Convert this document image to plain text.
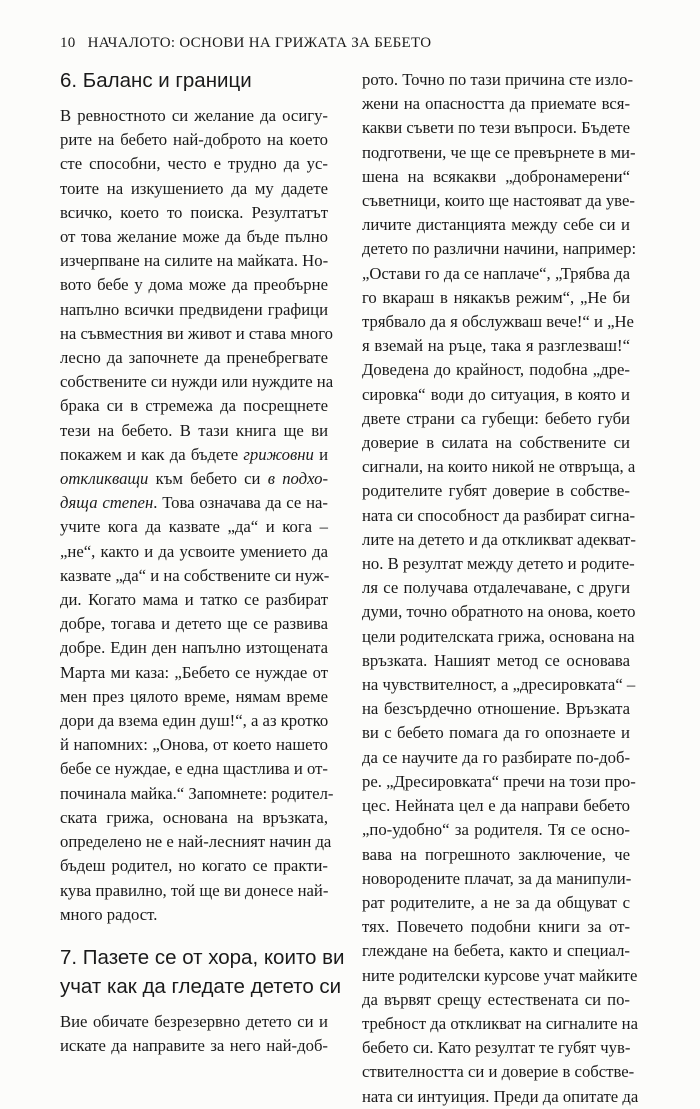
10 НАЧАЛОТО: ОСНОВИ НА ГРИЖАТА ЗА БЕБЕТО
6. Баланс и граници
В ревностното си желание да осигу-
рите на бебето най-доброто на което
сте способни, често е трудно да ус-
тоите на изкушението да му дадете
всичко, което то поиска. Резултатът
от това желание може да бъде пълно
изчерпване на силите на майката. Но-
вото бебе у дома може да преобърне
напълно всички предвидени графици
на съвместния ви живот и става много
лесно да започнете да пренебрегвате
собствените си нужди или нуждите на
брака си в стремежа да посрещнете
тези на бебето. В тази книга ще ви
покажем и как да бъдете грижовни и
откликващи към бебето си в подхо-
дяща степен. Това означава да се на-
учите кога да казвате „да“ и кога –
„не“, както и да усвоите умението да
казвате „да“ и на собствените си нуж-
ди. Когато мама и татко се разбират
добре, тогава и детето ще се развива
добре. Един ден напълно изтощената
Марта ми каза: „Бебето се нуждае от
мен през цялото време, нямам време
дори да взема един душ!“, а аз кротко
й напомних: „Онова, от което нашето
бебе се нуждае, е една щастлива и от-
починала майка.“ Запомнете: родител-
ската грижа, основана на връзката,
определено не е най-лесният начин да
бъдеш родител, но когато се практи-
кува правилно, той ще ви донесе най-
много радост.
7. Пазете се от хора, които ви
учат как да гледате детето си
Вие обичате безрезервно детето си и
искате да направите за него най-доб-
рото. Точно по тази причина сте изло-
жени на опасността да приемате вся-
какви съвети по тези въпроси. Бъдете
подготвени, че ще се превърнете в ми-
шена на всякакви „добронамерени“
съветници, които ще настояват да уве-
личите дистанцията между себе си и
детето по различни начини, например:
„Остави го да се наплаче“, „Трябва да
го вкараш в някакъв режим“, „Не би
трябвало да я обслужваш вече!“ и „Не
я вземай на ръце, така я разглезваш!“
Доведена до крайност, подобна „дре-
сировка“ води до ситуация, в която и
двете страни са губещи: бебето губи
доверие в силата на собствените си
сигнали, на които никой не отвръща, а
родителите губят доверие в собстве-
ната си способност да разбират сигна-
лите на детето и да откликват адекват-
но. В резултат между детето и родите-
ля се получава отдалечаване, с други
думи, точно обратното на онова, което
цели родителската грижа, основана на
връзката. Нашият метод се основава
на чувствителност, а „дресировката“ –
на безсърдечно отношение. Връзката
ви с бебето помага да го опознаете и
да се научите да го разбирате по-доб-
ре. „Дресировката“ пречи на този про-
цес. Нейната цел е да направи бебето
„по-удобно“ за родителя. Тя се осно-
вава на погрешното заключение, че
новородените плачат, за да манипули-
рат родителите, а не за да общуват с
тях. Повечето подобни книги за от-
глеждане на бебета, както и специал-
ните родителски курсове учат майките
да вървят срещу естествената си по-
требност да откликват на сигналите на
бебето си. Като резултат те губят чув-
ствителността си и доверие в собстве-
ната си интуиция. Преди да опитате да
